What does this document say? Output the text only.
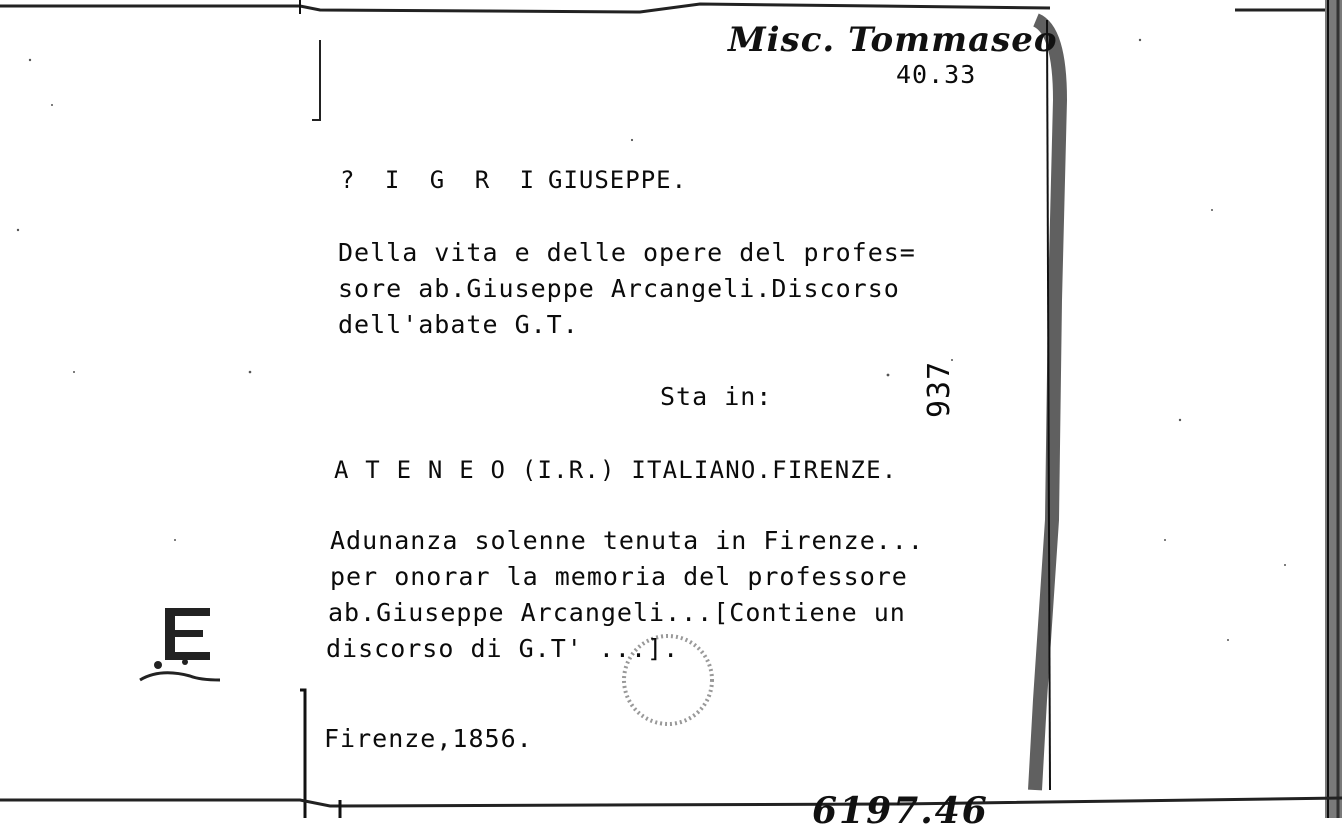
Misc. Tommaseo
40.33
? I G R I GIUSEPPE.
Della vita e delle opere del profes=
sore ab.Giuseppe Arcangeli.Discorso
dell'abate G.T.
Sta in:	937
A T E N E O (I.R.) ITALIANO.FIRENZE.
Adunanza solenne tenuta in Firenze...
per onorar la memoria del professore
ab.Giuseppe Arcangeli...[Contiene un
discorso di G.T' ...].
Firenze,1856.
6197.46
